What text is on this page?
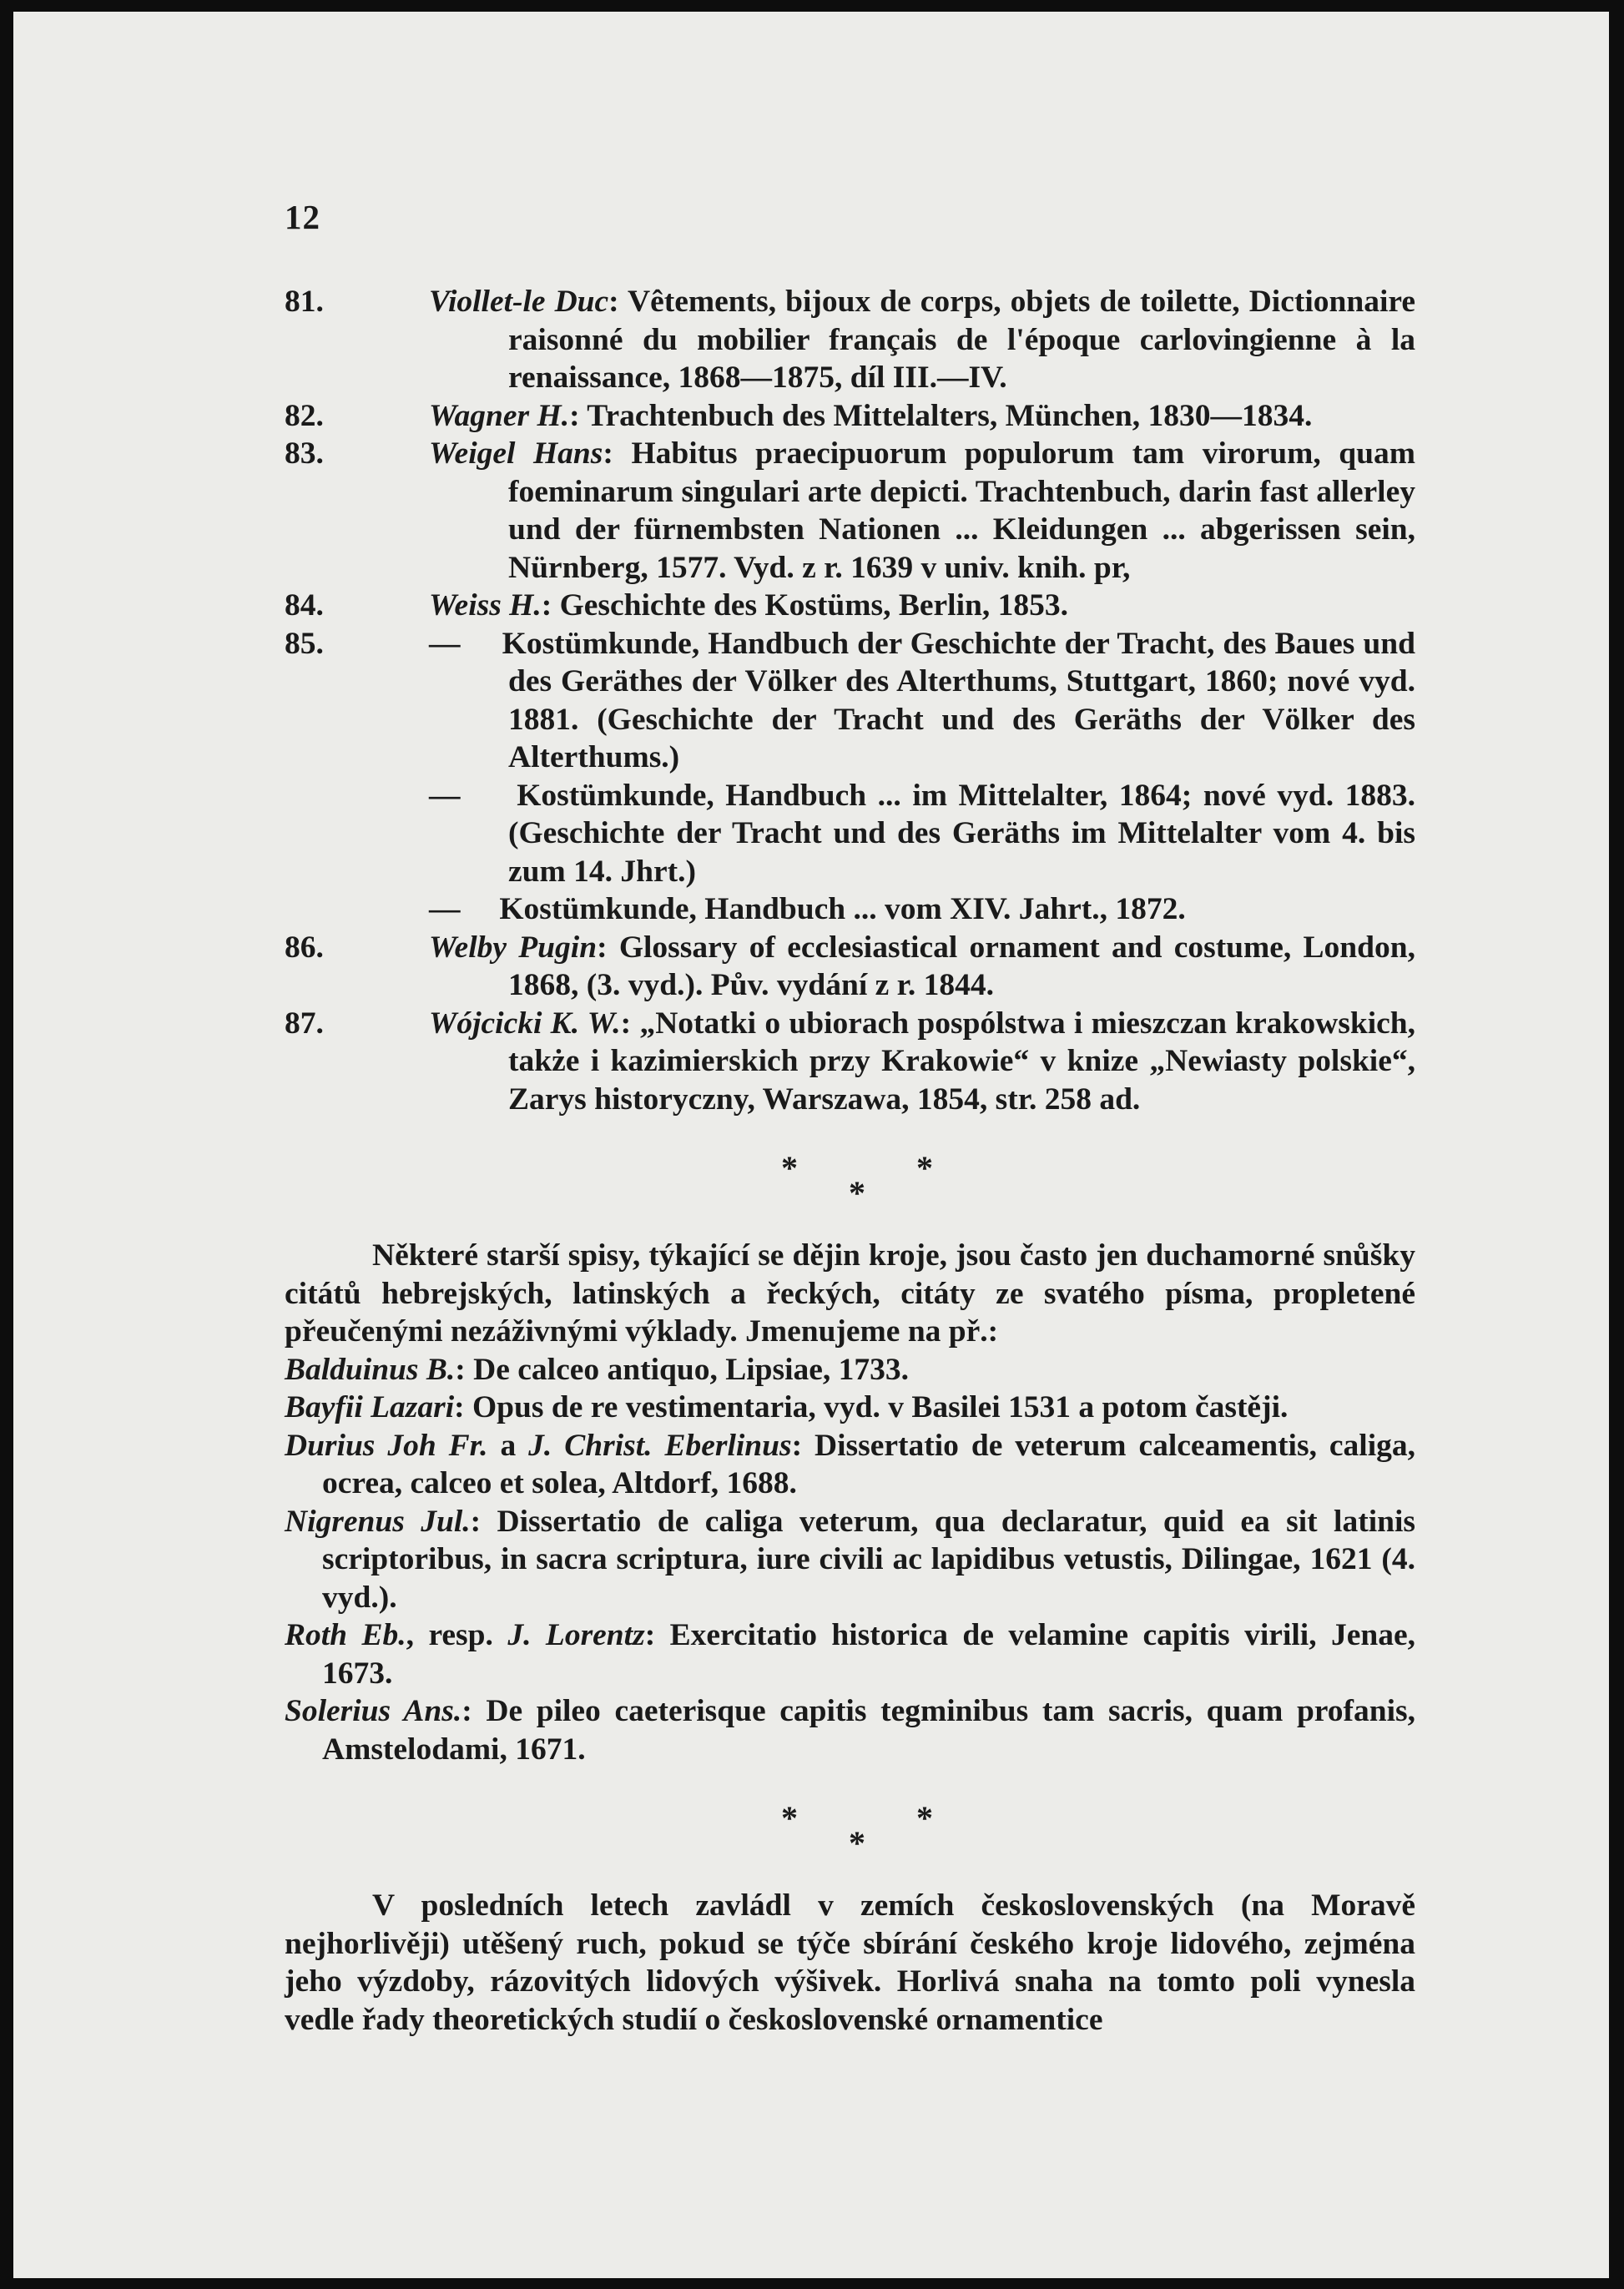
12
81.	Viollet-le Duc: Vêtements, bijoux de corps, objets de toilette, Dictionnaire raisonné du mobilier français de l'époque carlovingienne à la renaissance, 1868—1875, díl III.—IV.
82.	Wagner H.: Trachtenbuch des Mittelalters, München, 1830—1834.
83.	Weigel Hans: Habitus praecipuorum populorum tam virorum, quam foeminarum singulari arte depicti. Trachtenbuch, darin fast allerley und der fürnembsten Nationen ... Kleidungen ... abgerissen sein, Nürnberg, 1577. Vyd. z r. 1639 v univ. knih. pr,
84.	Weiss H.: Geschichte des Kostüms, Berlin, 1853.
85.	— Kostümkunde, Handbuch der Geschichte der Tracht, des Baues und des Geräthes der Völker des Alterthums, Stuttgart, 1860; nové vyd. 1881. (Geschichte der Tracht und des Geräths der Völker des Alterthums.)
— Kostümkunde, Handbuch ... im Mittelalter, 1864; nové vyd. 1883. (Geschichte der Tracht und des Geräths im Mittelalter vom 4. bis zum 14. Jhrt.)
— Kostümkunde, Handbuch ... vom XIV. Jahrt., 1872.
86.	Welby Pugin: Glossary of ecclesiastical ornament and costume, London, 1868, (3. vyd.). Pův. vydání z r. 1844.
87.	Wójcicki K. W.: „Notatki o ubiorach pospólstwa i mieszczan krakowskich, także i kazimierskich przy Krakowie“ v knize „Newiasty polskie“, Zarys historyczny, Warszawa, 1854, str. 258 ad.
*	*
*

Některé starší spisy, týkající se dějin kroje, jsou často jen duchamorné snůšky citátů hebrejských, latinských a řeckých, citáty ze svatého písma, propletené přeučenými nezáživnými výklady. Jmenujeme na př.:

Balduinus B.: De calceo antiquo, Lipsiae, 1733.
Bayfii Lazari: Opus de re vestimentaria, vyd. v Basilei 1531 a potom častěji.
Durius Joh Fr. a J. Christ. Eberlinus: Dissertatio de veterum calceamentis, caliga, ocrea, calceo et solea, Altdorf, 1688.
Nigrenus Jul.: Dissertatio de caliga veterum, qua declaratur, quid ea sit latinis scriptoribus, in sacra scriptura, iure civili ac lapidibus vetustis, Dilingae, 1621 (4. vyd.).
Roth Eb., resp. J. Lorentz: Exercitatio historica de velamine capitis virili, Jenae, 1673.
Solerius Ans.: De pileo caeterisque capitis tegminibus tam sacris, quam profanis, Amstelodami, 1671.
*	*
*

V posledních letech zavládl v zemích československých (na Moravě nejhorlivěji) utěšený ruch, pokud se týče sbírání českého kroje lidového, zejména jeho výzdoby, rázovitých lidových výšivek. Horlivá snaha na tomto poli vynesla vedle řady theoretických studií o československé ornamentice
